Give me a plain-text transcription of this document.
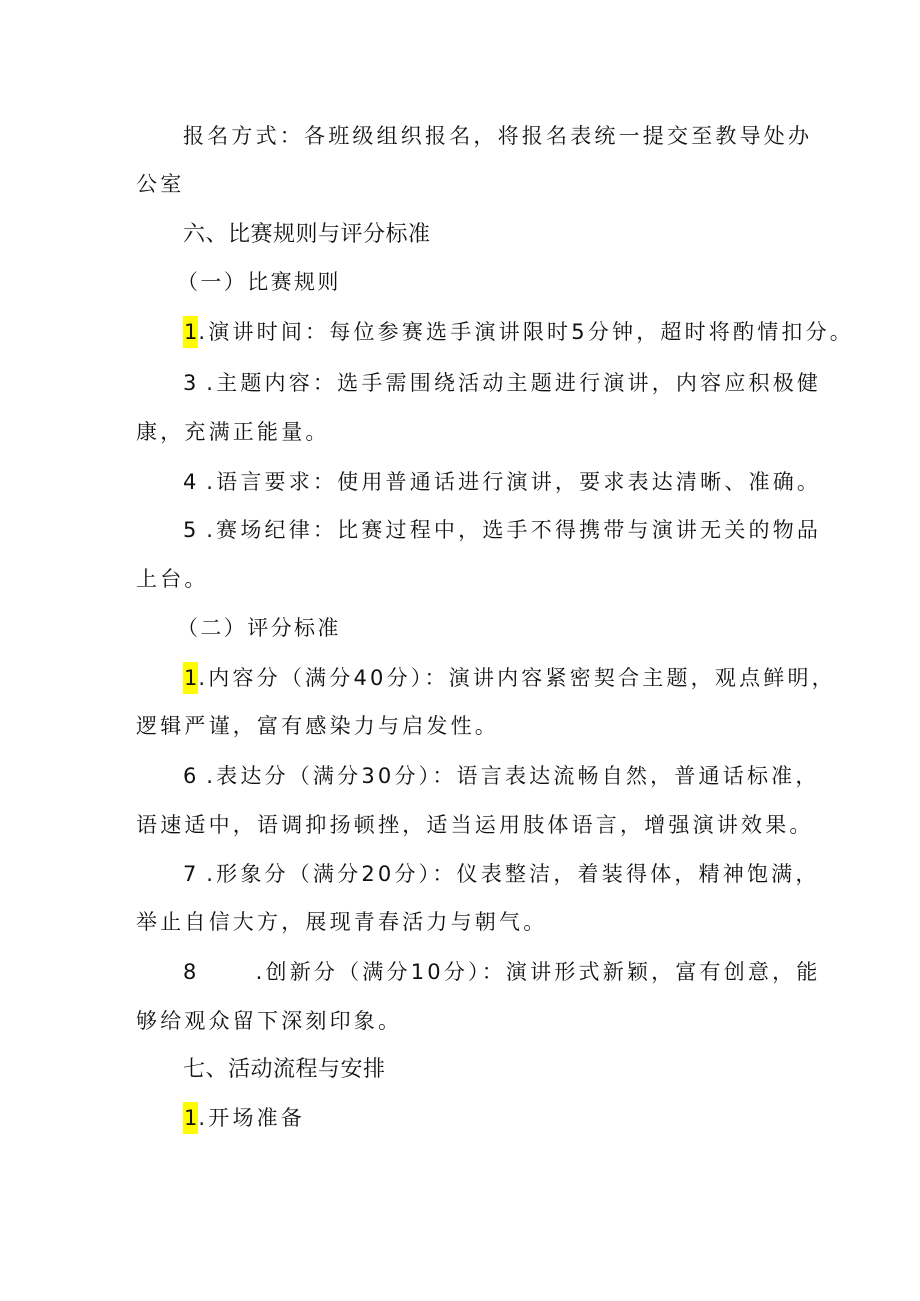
报名方式：各班级组织报名，将报名表统一提交至教导处办
公室
六、比赛规则与评分标准
（一）比赛规则
1.演讲时间：每位参赛选手演讲限时5分钟，超时将酌情扣分。
3 .主题内容：选手需围绕活动主题进行演讲，内容应积极健
康，充满正能量。
4 .语言要求：使用普通话进行演讲，要求表达清晰、准确。
5 .赛场纪律：比赛过程中，选手不得携带与演讲无关的物品
上台。
（二）评分标准
1.内容分（满分40分）：演讲内容紧密契合主题，观点鲜明，
逻辑严谨，富有感染力与启发性。
6 .表达分（满分30分）：语言表达流畅自然，普通话标准，
语速适中，语调抑扬顿挫，适当运用肢体语言，增强演讲效果。
7 .形象分（满分20分）：仪表整洁，着装得体，精神饱满，
举止自信大方，展现青春活力与朝气。
8      .创新分（满分10分）：演讲形式新颖，富有创意，能
够给观众留下深刻印象。
七、活动流程与安排
1.开场准备
